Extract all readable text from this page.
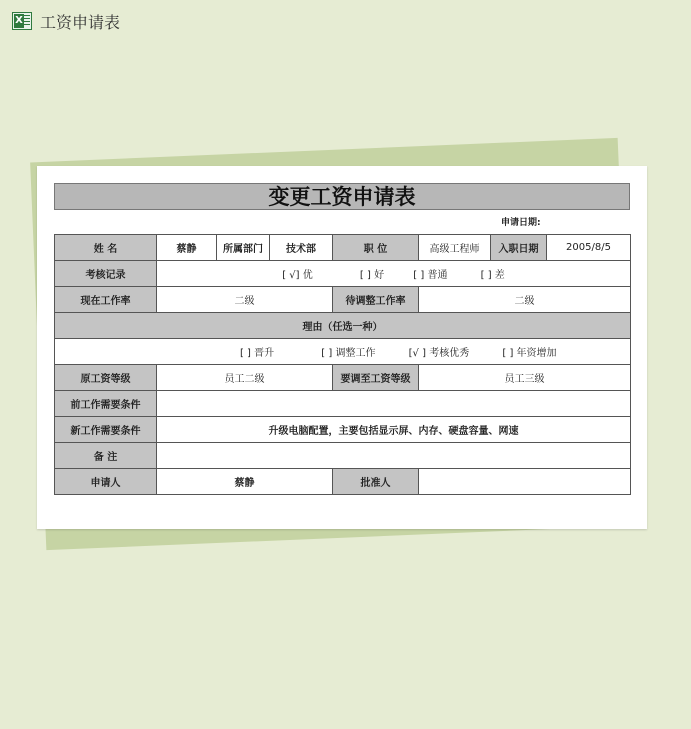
X 工资申请表
变更工资申请表
申请日期:
姓 名	蔡静	所属部门	技术部	职 位	高级工程师	入职日期	2005/8/5
考核记录	[ √] 优 [ ] 好 [ ] 普通 [ ] 差						
现在工作率	二级			待调整工作率	二级		
理由（任选一种）							
	[ ] 晋升 [ ] 调整工作 [√ ] 考核优秀 [ ] 年资增加						
原工资等级	员工二级			要调至工资等级	员工三级		
前工作需要条件							
新工作需要条件	升级电脑配置，主要包括显示屏、内存、硬盘容量、网速						
备 注							
申请人	蔡静			批准人			
